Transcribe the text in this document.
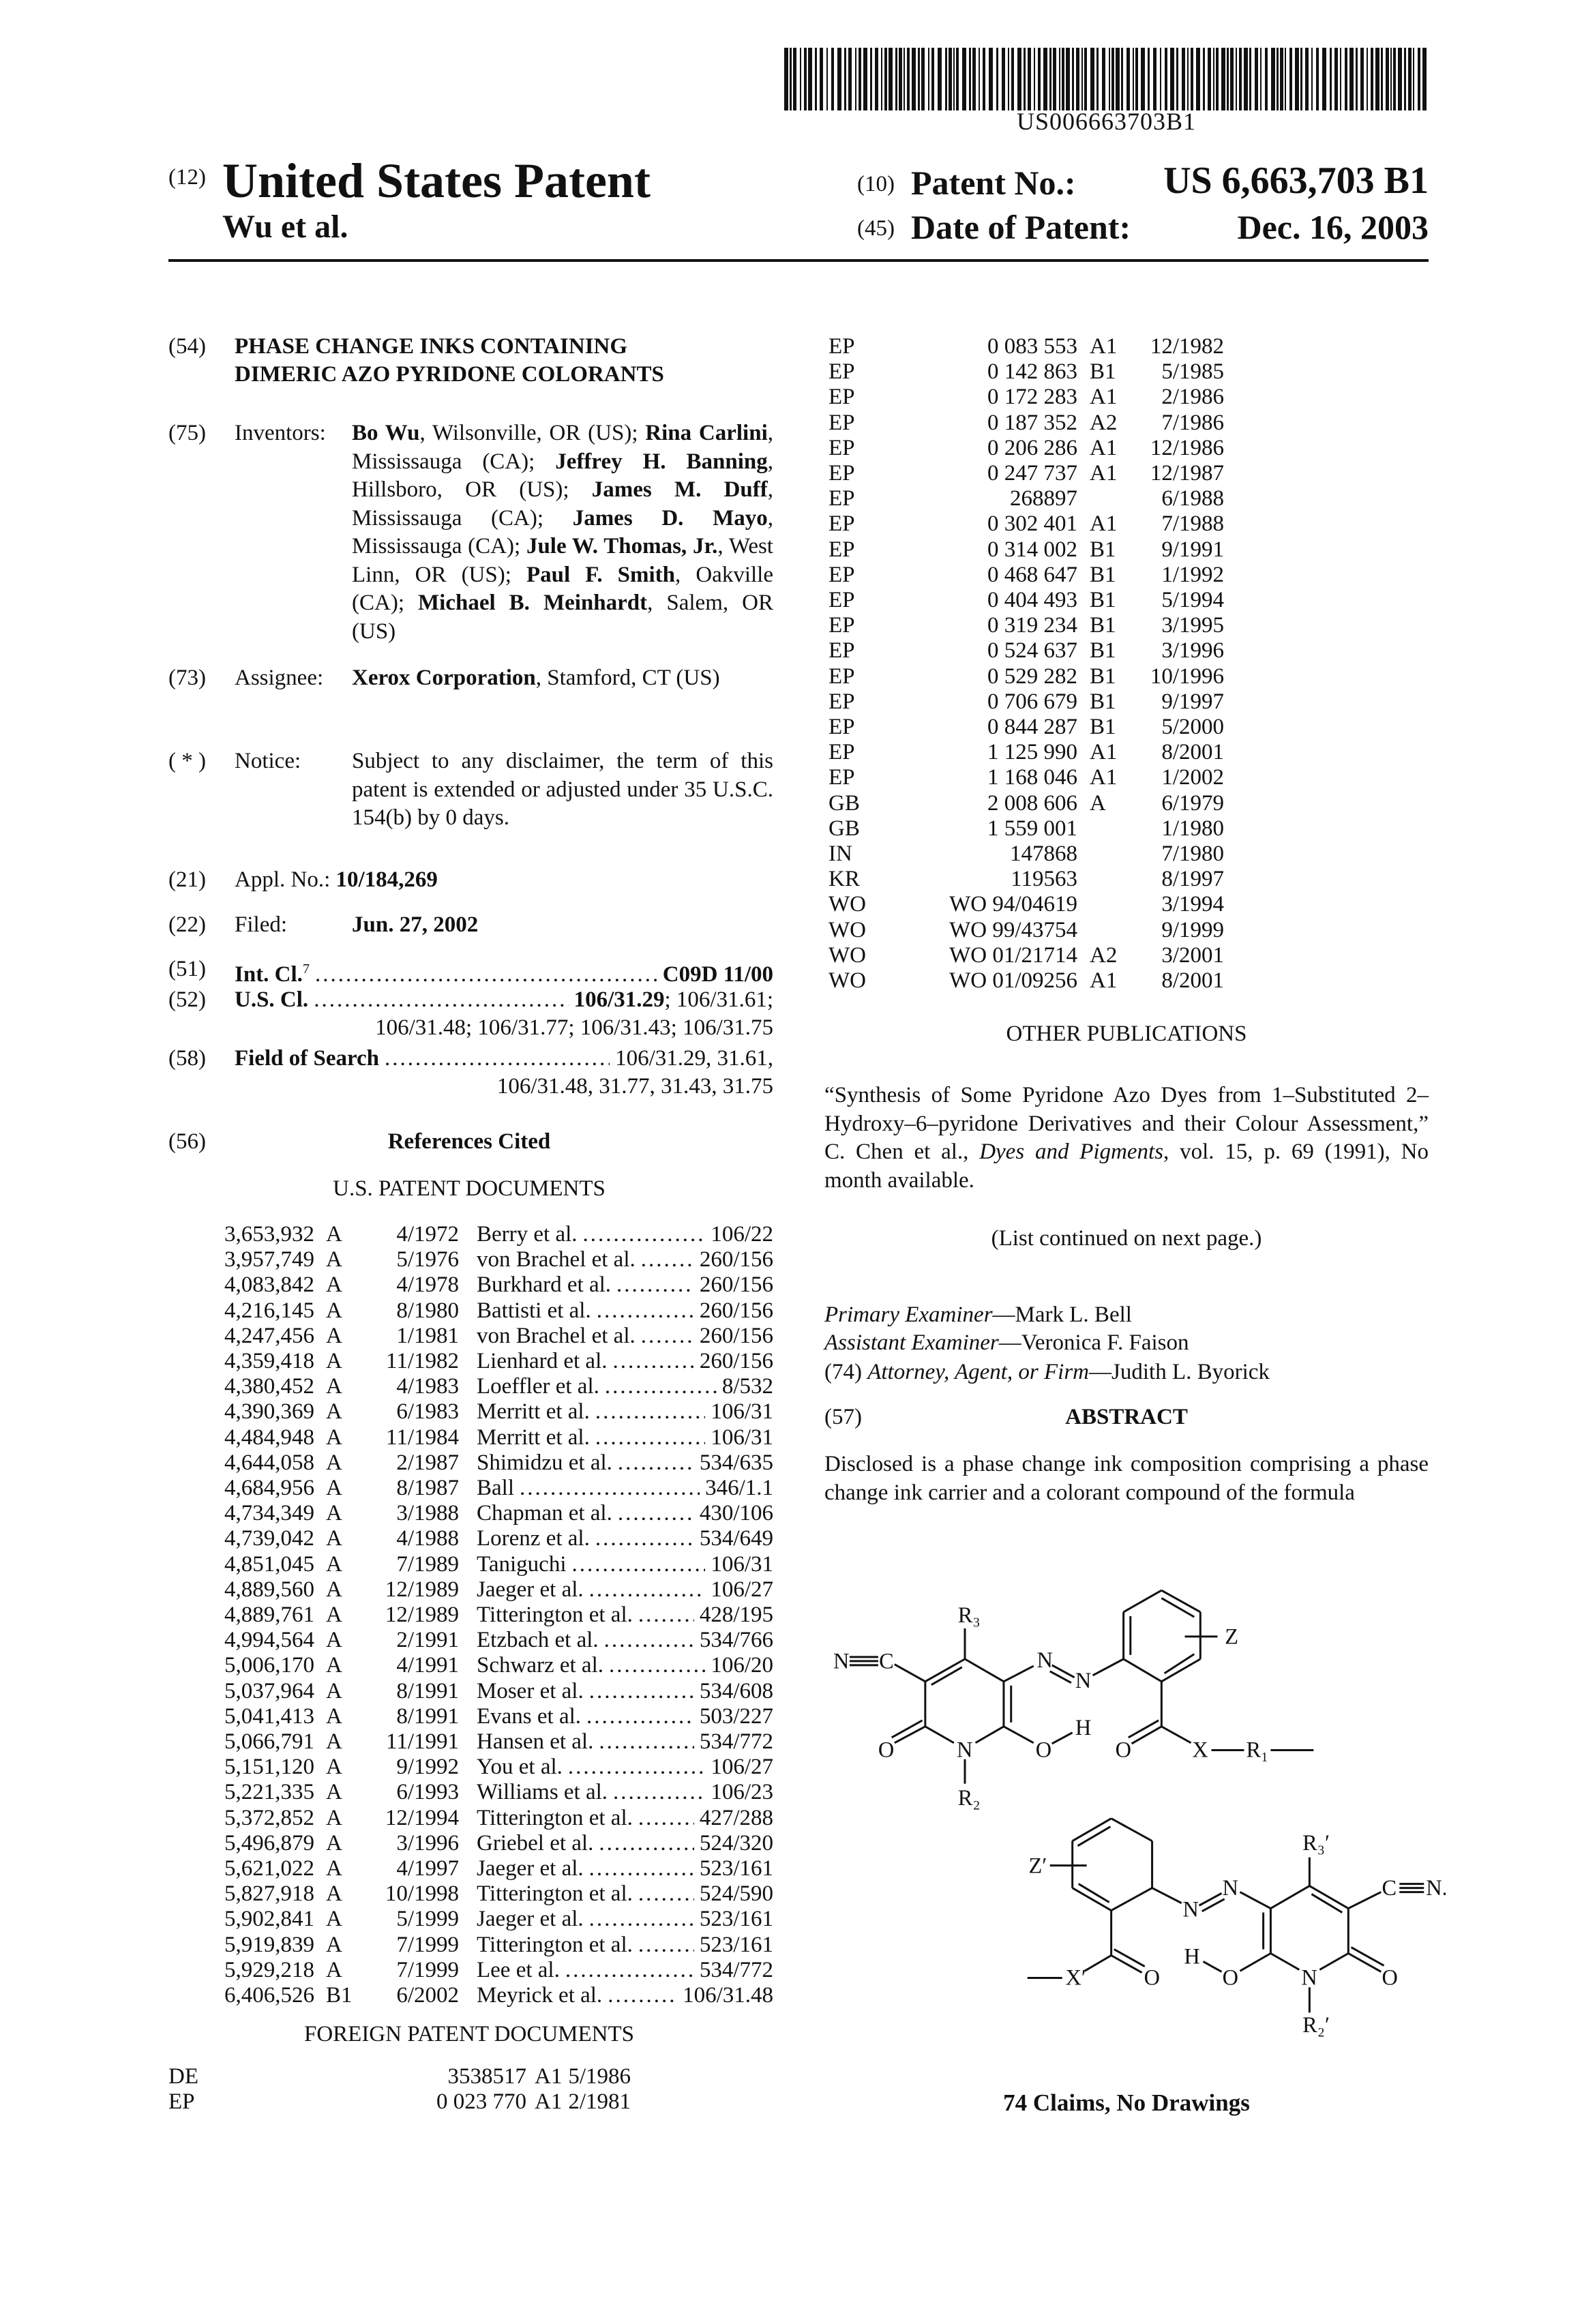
US006663703B1
(12) United States Patent
Wu et al.
(10) Patent No.: US 6,663,703 B1
(45) Date of Patent:	Dec. 16, 2003
(54) PHASE CHANGE INKS CONTAINING
DIMERIC AZO PYRIDONE COLORANTS
(75) Inventors: Bo Wu, Wilsonville, OR (US); Rina Carlini, Mississauga (CA); Jeffrey H. Banning, Hillsboro, OR (US); James M. Duff, Mississauga (CA); James D. Mayo, Mississauga (CA); Jule W. Thomas, Jr., West Linn, OR (US); Paul F. Smith, Oakville (CA); Michael B. Meinhardt, Salem, OR (US)
(73) Assignee: Xerox Corporation, Stamford, CT (US)
( * ) Notice: Subject to any disclaimer, the term of this patent is extended or adjusted under 35 U.S.C. 154(b) by 0 days.
(21) Appl. No.: 10/184,269
(22) Filed:	Jun. 27, 2002
(51) Int. Cl.7
.....	C09D 11/00
(52) U.S. Cl.
.....	106/31.29; 106/31.61;
106/31.48; 106/31.77; 106/31.43; 106/31.75
(58) Field of Search
.....	106/31.29, 31.61,
106/31.48, 31.77, 31.43, 31.75
(56)	References Cited
U.S. PATENT DOCUMENTS
3,653,932 A 4/1972 Berry et al.
.....	106/22
3,957,749 A 5/1976 von Brachel et al.
.....	260/156
4,083,842 A 4/1978 Burkhard et al.
.....	260/156
4,216,145 A 8/1980 Battisti et al.
.....	260/156
4,247,456 A 1/1981 von Brachel et al.
.....	260/156
4,359,418 A 11/1982 Lienhard et al.
.....	260/156
4,380,452 A 4/1983 Loeffler et al.
.....	8/532
4,390,369 A 6/1983 Merritt et al.
.....	106/31
4,484,948 A 11/1984 Merritt et al.
.....	106/31
4,644,058 A 2/1987 Shimidzu et al.
.....	534/635
4,684,956 A 8/1987 Ball
.....	346/1.1
4,734,349 A 3/1988 Chapman et al.
.....	430/106
4,739,042 A 4/1988 Lorenz et al.
.....	534/649
4,851,045 A 7/1989 Taniguchi
.....	106/31
4,889,560 A 12/1989 Jaeger et al.
.....	106/27
4,889,761 A 12/1989 Titterington et al.
.....	428/195
4,994,564 A 2/1991 Etzbach et al.
.....	534/766
5,006,170 A 4/1991 Schwarz et al.
.....	106/20
5,037,964 A 8/1991 Moser et al.
.....	534/608
5,041,413 A 8/1991 Evans et al.
.....	503/227
5,066,791 A 11/1991 Hansen et al.
.....	534/772
5,151,120 A 9/1992 You et al.
.....	106/27
5,221,335 A 6/1993 Williams et al.
.....	106/23
5,372,852 A 12/1994 Titterington et al.
.....	427/288
5,496,879 A 3/1996 Griebel et al.
.....	524/320
5,621,022 A 4/1997 Jaeger et al.
.....	523/161
5,827,918 A 10/1998 Titterington et al.
.....	524/590
5,902,841 A 5/1999 Jaeger et al.
.....	523/161
5,919,839 A 7/1999 Titterington et al.
.....	523/161
5,929,218 A 7/1999 Lee et al.
.....	534/772
6,406,526 B1 6/2002 Meyrick et al.
.....	106/31.48
FOREIGN PATENT DOCUMENTS
DE	3538517 A1 5/1986
EP	0 023 770 A1 2/1981
EP	0 083 553 A1 12/1982
EP	0 142 863 B1 5/1985
EP	0 172 283 A1 2/1986
EP	0 187 352 A2 7/1986
EP	0 206 286 A1 12/1986
EP	0 247 737 A1 12/1987
EP	268897	6/1988
EP	0 302 401 A1 7/1988
EP	0 314 002 B1 9/1991
EP	0 468 647 B1 1/1992
EP	0 404 493 B1 5/1994
EP	0 319 234 B1 3/1995
EP	0 524 637 B1 3/1996
EP	0 529 282 B1 10/1996
EP	0 706 679 B1 9/1997
EP	0 844 287 B1 5/2000
EP	1 125 990 A1 8/2001
EP	1 168 046 A1 1/2002
GB	2 008 606 A 6/1979
GB	1 559 001	1/1980
IN	147868	7/1980
KR	119563	8/1997
WO	WO 94/04619	3/1994
WO	WO 99/43754	9/1999
WO	WO 01/21714 A2 3/2001
WO	WO 01/09256 A1 8/2001
OTHER PUBLICATIONS
“Synthesis of Some Pyridone Azo Dyes from 1–Substituted 2–Hydroxy–6–pyridone Derivatives and their Colour Assessment,” C. Chen et al., Dyes and Pigments, vol. 15, p. 69 (1991), No month available.
(List continued on next page.)
Primary Examiner—Mark L. Bell
Assistant Examiner—Veronica F. Faison
(74) Attorney, Agent, or Firm—Judith L. Byorick
(57)	ABSTRACT
Disclosed is a phase change ink composition comprising a phase change ink carrier and a colorant compound of the formula
R₃
N C	N
N
Z
O N O
H
R₂
O X R₁
Z′
N
N
R₃′
C N.
H
O N O
R₂′
X′ O
74 Claims, No Drawings
